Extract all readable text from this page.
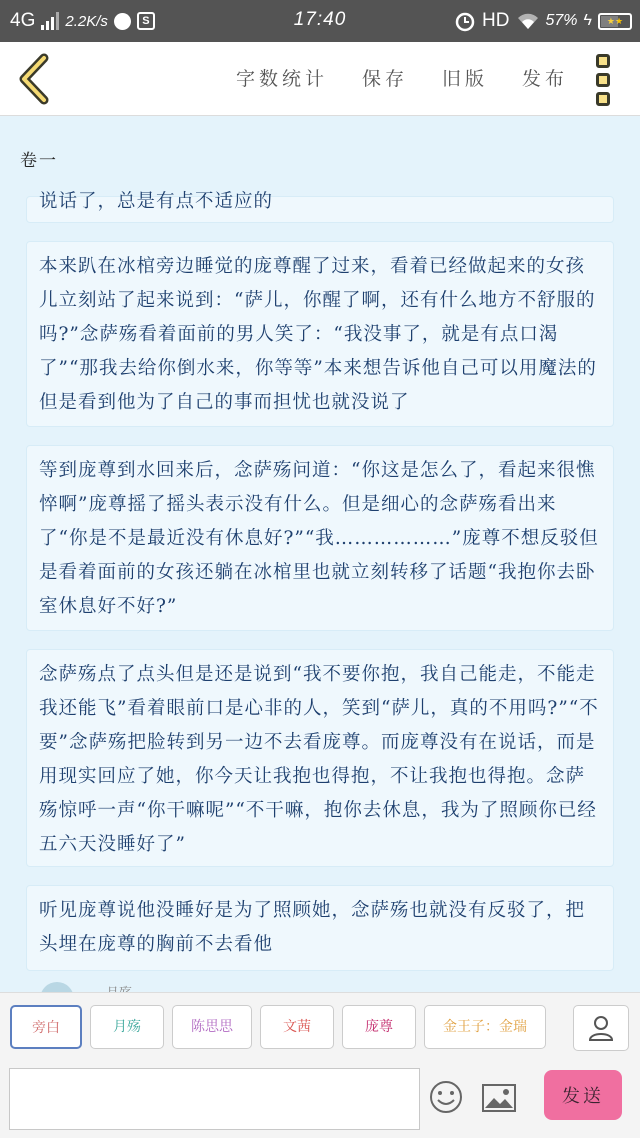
4G 2.2K/s	S	17:40	HD 57% ϟ	★★
字数统计 保存 旧版 发布
卷一

说话了，总是有点不适应的

本来趴在冰棺旁边睡觉的庞尊醒了过来，看着已经做起来的女孩儿立刻站了起来说到：“萨儿，你醒了啊，还有什么地方不舒服的吗?”念萨殇看着面前的男人笑了：“我没事了，就是有点口渴了”“那我去给你倒水来，你等等”本来想告诉他自己可以用魔法的但是看到他为了自己的事而担忧也就没说了

等到庞尊到水回来后，念萨殇问道：“你这是怎么了，看起来很憔悴啊”庞尊摇了摇头表示没有什么。但是细心的念萨殇看出来了“你是不是最近没有休息好?”“我………………”庞尊不想反驳但是看着面前的女孩还躺在冰棺里也就立刻转移了话题“我抱你去卧室休息好不好?”

念萨殇点了点头但是还是说到“我不要你抱，我自己能走，不能走我还能飞”看着眼前口是心非的人，笑到“萨儿，真的不用吗?”“不要”念萨殇把脸转到另一边不去看庞尊。而庞尊没有在说话，而是用现实回应了她，你今天让我抱也得抱，不让我抱也得抱。念萨殇惊呼一声“你干嘛呢”“不干嘛，抱你去休息，我为了照顾你已经五六天没睡好了”

听见庞尊说他没睡好是为了照顾她，念萨殇也就没有反驳了，把头埋在庞尊的胸前不去看他

旁白	月殇	陈思思	文茜	庞尊	金王子：金瑞
发送
